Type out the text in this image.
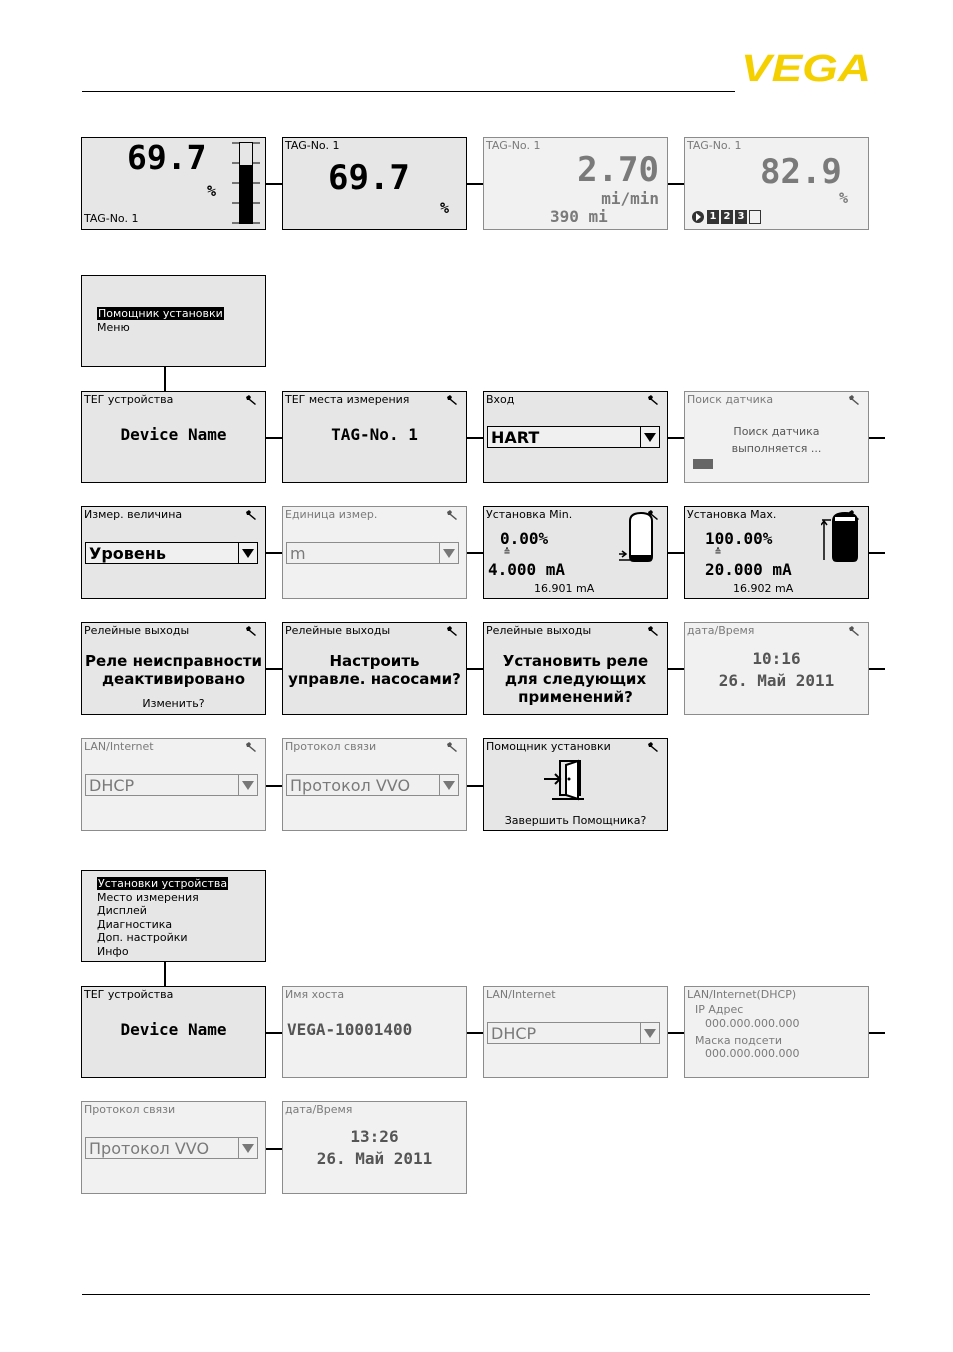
VEGA
69.7
%
TAG-No. 1
TAG-No. 1
69.7
%
TAG-No. 1
2.70
mi/min
390 mi
TAG-No. 1
82.9
%
1 2 3
Помощник установки
Меню
ТЕГ устройства
Device Name
ТЕГ места измерения
TAG-No. 1
Вход
HART
Поиск датчика
Поиск датчика
выполняется ...
Измер. величина
Уровень
Единица измер.
m
Установка Min.
0.00%
≙
4.000 mA
16.901 mA
Установка Max.
100.00%
≙
20.000 mA
16.902 mA
Релейные выходы
Реле неисправности
деактивировано
Изменить?
Релейные выходы
Настроить
управле. насосами?
Релейные выходы
Установить реле
для следующих
применений?
дата/Время
10:16
26. Май 2011
LAN/Internet
DHCP
Протокол связи
Протокол VVO
Помощник установки
Завершить Помощника?
Установки устройства
Место измерения
Дисплей
Диагностика
Доп. настройки
Инфо
ТЕГ устройства
Device Name
Имя хоста
VEGA-10001400
LAN/Internet
DHCP
LAN/Internet(DHCP)
IP Адрес
000.000.000.000
Маска подсети
000.000.000.000
Протокол связи
Протокол VVO
дата/Время
13:26
26. Май 2011
